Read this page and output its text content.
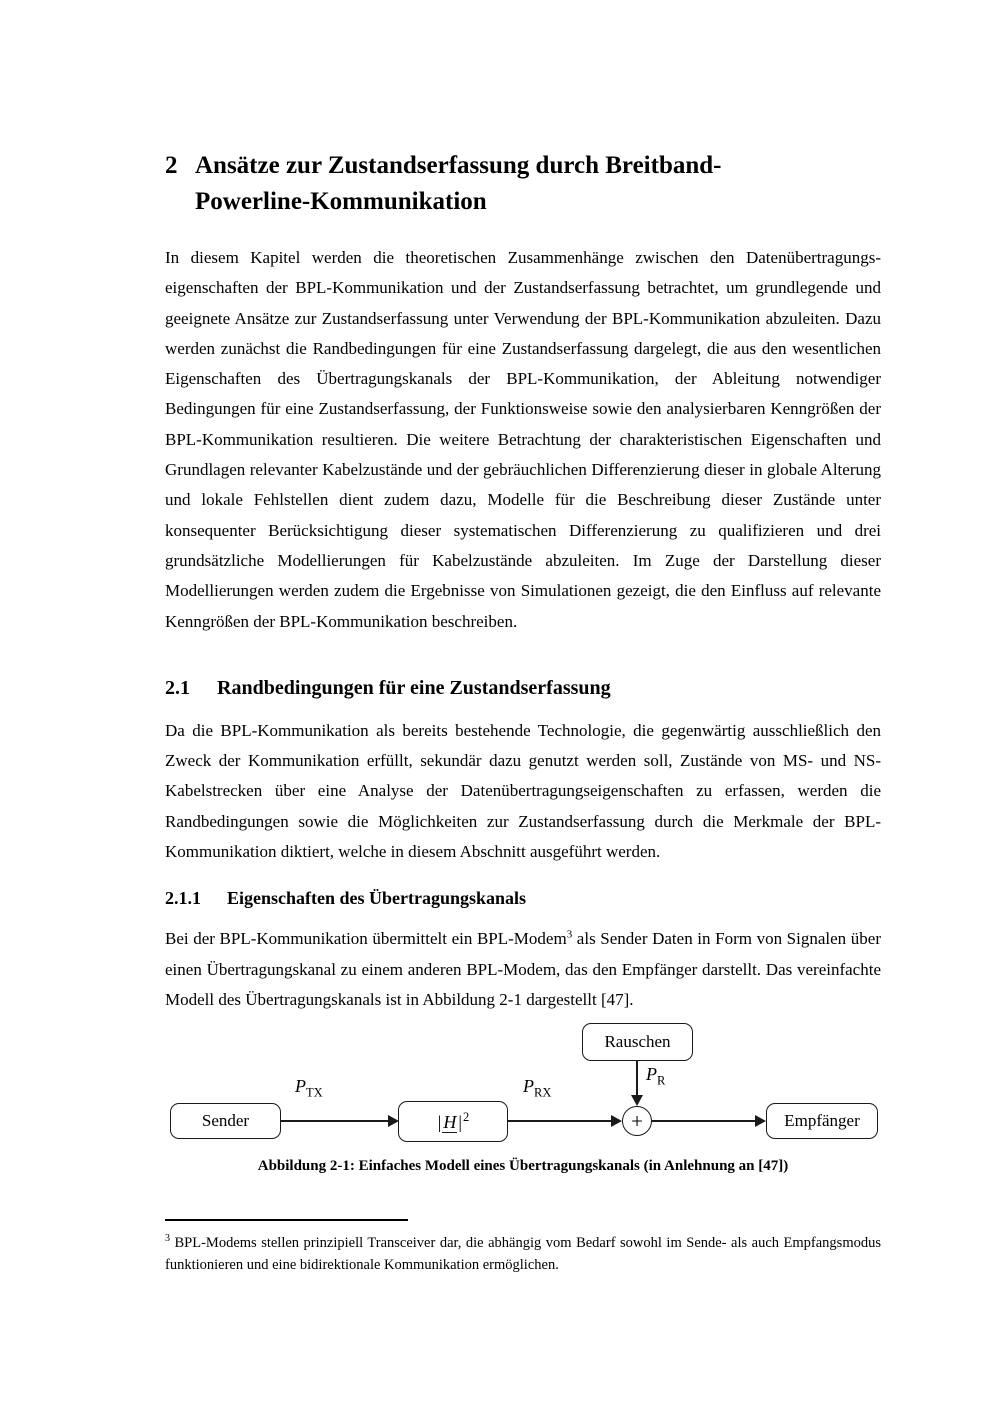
2 Ansätze zur Zustandserfassung durch Breitband-
Powerline-Kommunikation

In diesem Kapitel werden die theoretischen Zusammenhänge zwischen den Datenübertragungseigenschaften der BPL-Kommunikation und der Zustandserfassung betrachtet, um grundlegende und geeignete Ansätze zur Zustandserfassung unter Verwendung der BPL-Kommunikation abzuleiten. Dazu werden zunächst die Randbedingungen für eine Zustandserfassung dargelegt, die aus den wesentlichen Eigenschaften des Übertragungskanals der BPL-Kommunikation, der Ableitung notwendiger Bedingungen für eine Zustandserfassung, der Funktionsweise sowie den analysierbaren Kenngrößen der BPL-Kommunikation resultieren. Die weitere Betrachtung der charakteristischen Eigenschaften und Grundlagen relevanter Kabelzustände und der gebräuchlichen Differenzierung dieser in globale Alterung und lokale Fehlstellen dient zudem dazu, Modelle für die Beschreibung dieser Zustände unter konsequenter Berücksichtigung dieser systematischen Differenzierung zu qualifizieren und drei grundsätzliche Modellierungen für Kabelzustände abzuleiten. Im Zuge der Darstellung dieser Modellierungen werden zudem die Ergebnisse von Simulationen gezeigt, die den Einfluss auf relevante Kenngrößen der BPL-Kommunikation beschreiben.

2.1	Randbedingungen für eine Zustandserfassung

Da die BPL-Kommunikation als bereits bestehende Technologie, die gegenwärtig ausschließlich den Zweck der Kommunikation erfüllt, sekundär dazu genutzt werden soll, Zustände von MS- und NS-Kabelstrecken über eine Analyse der Datenübertragungseigenschaften zu erfassen, werden die Randbedingungen sowie die Möglichkeiten zur Zustandserfassung durch die Merkmale der BPL-Kommunikation diktiert, welche in diesem Abschnitt ausgeführt werden.

2.1.1	Eigenschaften des Übertragungskanals

Bei der BPL-Kommunikation übermittelt ein BPL-Modem$^3$ als Sender Daten in Form von Signalen über einen Übertragungskanal zu einem anderen BPL-Modem, das den Empfänger darstellt. Das vereinfachte Modell des Übertragungskanals ist in Abbildung 2-1 dargestellt [47].

Rauschen
Sender	| H $|^2$	+	Empfänger
$P_{TX}$	$P_{RX}$
$P_R$
Abbildung 2-1: Einfaches Modell eines Übertragungskanals (in Anlehnung an [47])

$^3$ BPL-Modems stellen prinzipiell Transceiver dar, die abhängig vom Bedarf sowohl im Sende- als auch Empfangsmodus funktionieren und eine bidirektionale Kommunikation ermöglichen.
